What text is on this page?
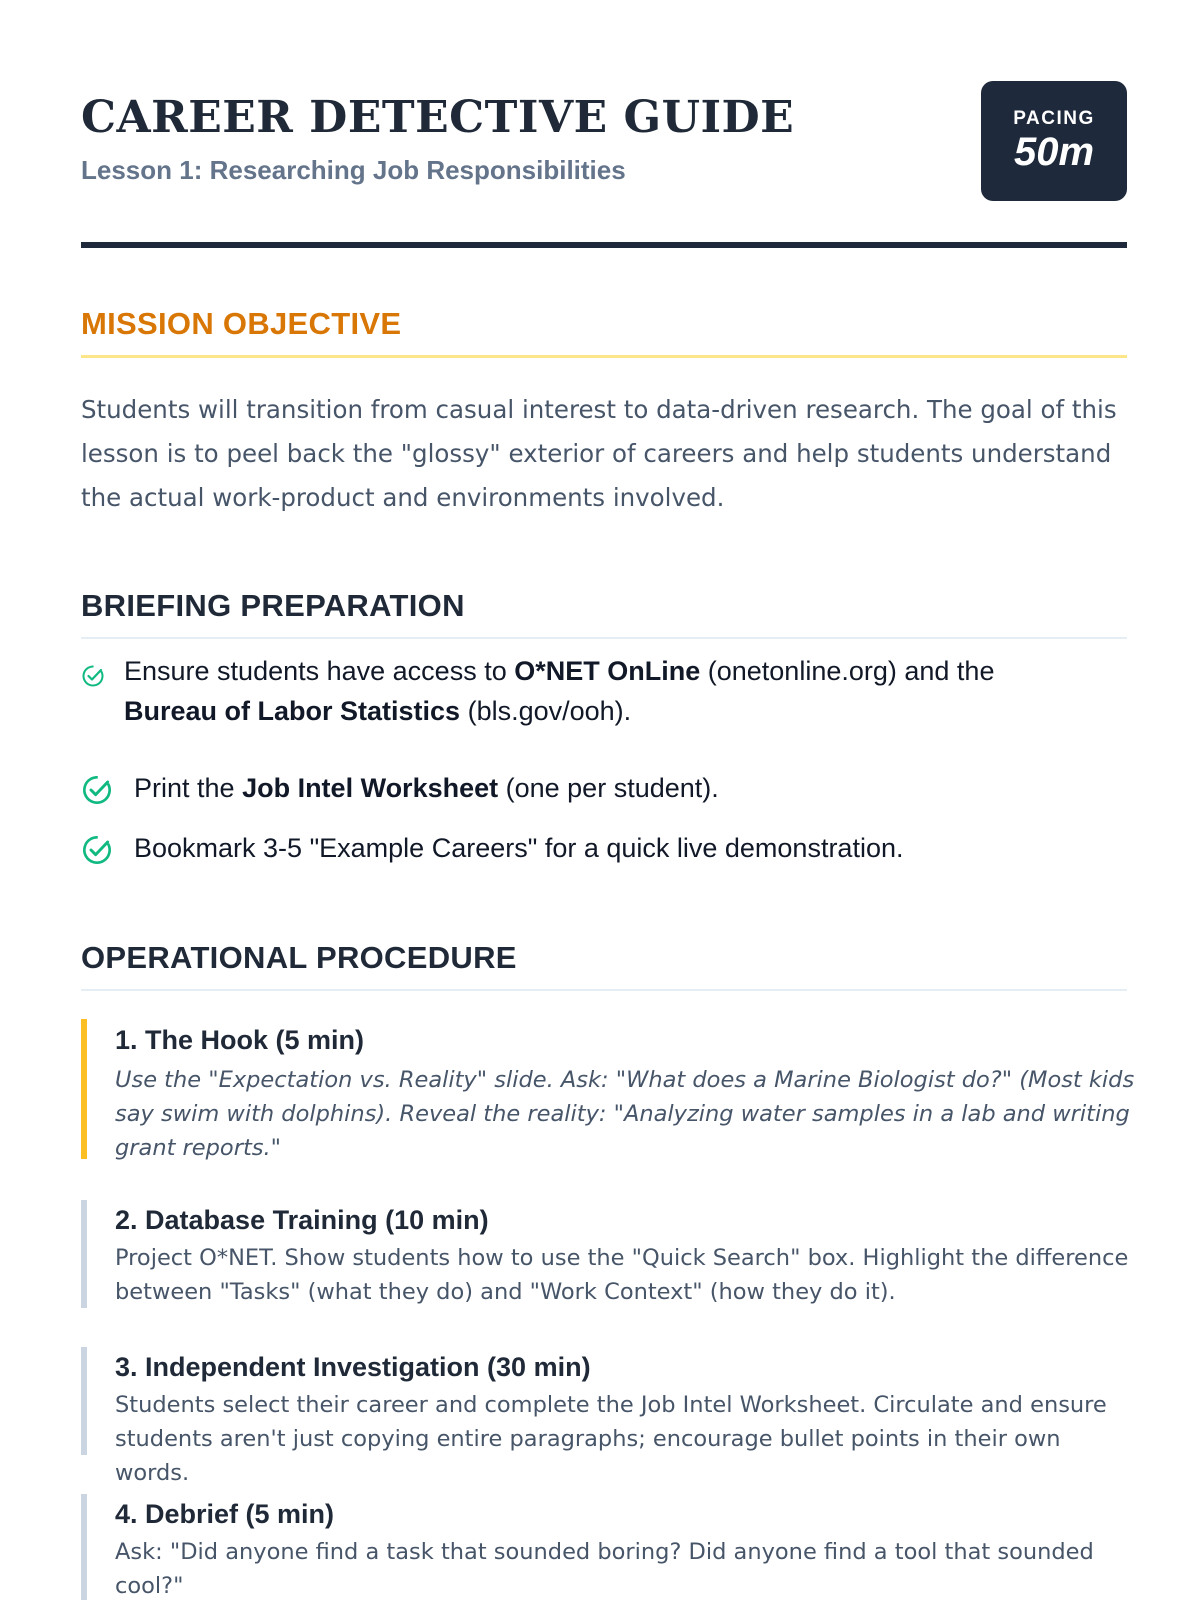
CAREER DETECTIVE GUIDE
Lesson 1: Researching Job Responsibilities
PACING
50m
MISSION OBJECTIVE

Students will transition from casual interest to data-driven research. The goal of this lesson is to peel back the "glossy" exterior of careers and help students understand the actual work-product and environments involved.

BRIEFING PREPARATION
Ensure students have access to O*NET OnLine (onetonline.org) and the
Bureau of Labor Statistics (bls.gov/ooh).
Print the Job Intel Worksheet (one per student).
Bookmark 3-5 "Example Careers" for a quick live demonstration.
OPERATIONAL PROCEDURE
1. The Hook (5 min)

Use the "Expectation vs. Reality" slide. Ask: "What does a Marine Biologist do?" (Most kids say swim with dolphins). Reveal the reality: "Analyzing water samples in a lab and writing grant reports."

2. Database Training (10 min)

Project O*NET. Show students how to use the "Quick Search" box. Highlight the difference between "Tasks" (what they do) and "Work Context" (how they do it).

3. Independent Investigation (30 min)

Students select their career and complete the Job Intel Worksheet. Circulate and ensure students aren't just copying entire paragraphs; encourage bullet points in their own words.

4. Debrief (5 min)

Ask: "Did anyone find a task that sounded boring? Did anyone find a tool that sounded cool?"
